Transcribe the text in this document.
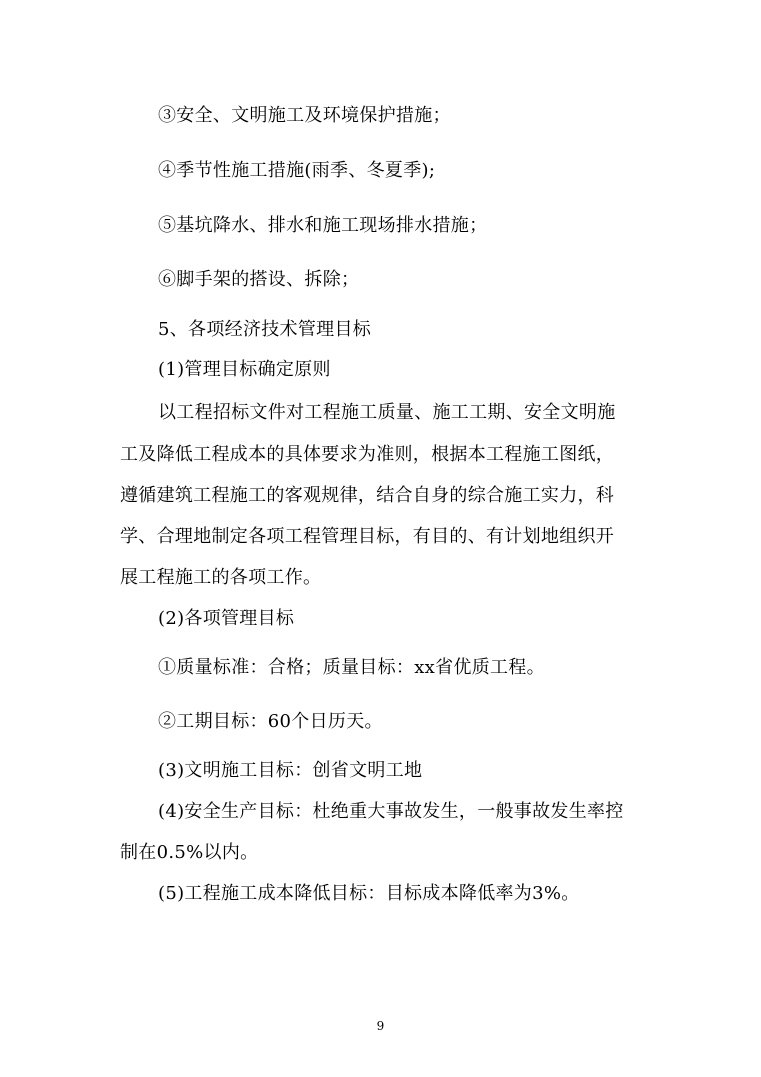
③安全、文明施工及环境保护措施；
④季节性施工措施(雨季、冬夏季);
⑤基坑降水、排水和施工现场排水措施；
⑥脚手架的搭设、拆除；
5、各项经济技术管理目标
(1)管理目标确定原则
以工程招标文件对工程施工质量、施工工期、安全文明施
工及降低工程成本的具体要求为准则，根据本工程施工图纸，
遵循建筑工程施工的客观规律，结合自身的综合施工实力，科
学、合理地制定各项工程管理目标，有目的、有计划地组织开
展工程施工的各项工作。
(2)各项管理目标
①质量标准：合格；质量目标：xx省优质工程。
②工期目标：60个日历天。
(3)文明施工目标：创省文明工地
(4)安全生产目标：杜绝重大事故发生，一般事故发生率控
制在0.5%以内。
(5)工程施工成本降低目标：目标成本降低率为3%。
9
